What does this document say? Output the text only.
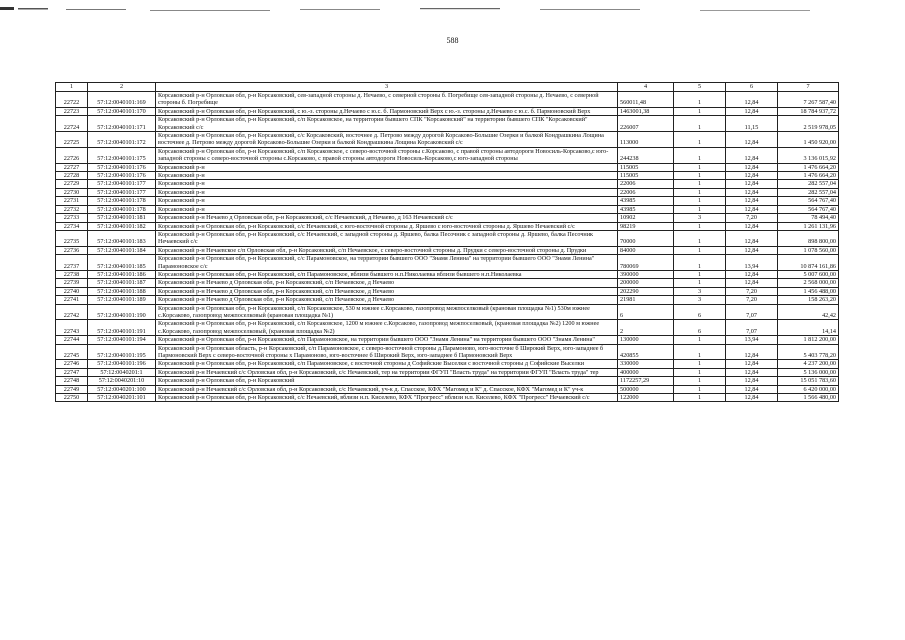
588
1	2	3	4	5	6	7
22722	57:12:0040101:169	Корсаковский р-н Орловская обл, р-н Корсаковский, сев-западной стороны д. Нечаево, с северной стороны б. Погребище сев-западной стороны д. Нечаево, с северной стороны б. Погребище	560011,48	1	12,84	7 267 587,40
22723	57:12:0040101:170	Корсаковский р-н Орловская обл, р-н Корсаковский, с ю.-з. стороны д.Нечаево с ю.с. б. Пармоновский Верх с ю.-з. стороны д.Нечаево с ю.с. б. Пармоновский Верх	1463001,38	1	12,84	18 784 937,72
22724	57:12:0040101:171	Корсаковский р-н Орловская обл, р-н Корсаковский, с/п Корсаковское, на территории бывшего СПК "Корсаковский" на территории бывшего СПК "Корсаковский" Корсаковский с/с	226007	1	11,15	2 519 978,05
22725	57:12:0040101:172	Корсаковский р-н Орловская обл, р-н Корсаковский, с/с Корсаковский, восточнее д. Петрово между дорогой Корсаково-Большие Озерки и балкой Кондрашкина Лощина восточнее д. Петрово между дорогой Корсаково-Большие Озерки и балкой Кондрашкина Лощина Корсаковский с/с	113000	1	12,84	1 450 920,00
22726	57:12:0040101:175	Корсаковский р-н Орловская обл, р-н Корсаковский, с/п Корсаковское, с северо-восточной стороны с.Корсаково, с правой стороны автодороги Новосиль-Корсаково,с юго-западной стороны с северо-восточной стороны с.Корсаково, с правой стороны автодороги Новосиль-Корсаково,с юго-западной стороны	244238	1	12,84	3 136 015,92
22727	57:12:0040101:176	Корсаковский р-н	115005	1	12,84	1 476 664,20
22728	57:12:0040101:176	Корсаковский р-н	115005	1	12,84	1 476 664,20
22729	57:12:0040101:177	Корсаковский р-н	22006	1	12,84	282 557,04
22730	57:12:0040101:177	Корсаковский р-н	22006	1	12,84	282 557,04
22731	57:12:0040101:178	Корсаковский р-н	43985	1	12,84	564 767,40
22732	57:12:0040101:178	Корсаковский р-н	43985	1	12,84	564 767,40
22733	57:12:0040101:181	Корсаковский р-н Нечаево д Орловская обл, р-н Корсаковский, с/с Нечаевский, д Нечаево, д 163 Нечаевский с/с	10902	3	7,20	78 494,40
22734	57:12:0040101:182	Корсаковский р-н Орловская обл, р-н Корсаковский, с/с Нечаевский, с юго-восточной стороны д. Яршево с юго-восточной стороны д. Яршево Нечаевский с/с	98219	1	12,84	1 261 131,96
22735	57:12:0040101:183	Корсаковский р-н Орловская обл, р-н Корсаковский, с/с Нечаевский, с западной стороны д. Яршево, балка Песочник с западной стороны д. Яршево, балка Песочник Нечаевский с/с	70000	1	12,84	898 800,00
22736	57:12:0040101:184	Корсаковский р-н Нечаевское с/п Орловская обл, р-н Корсаковский, с/п Нечаевское, с северо-восточной стороны д. Прудки с северо-восточной стороны д. Прудки	84000	1	12,84	1 078 560,00
22737	57:12:0040101:185	Корсаковский р-н Орловская обл, р-н Корсаковский, с/с Парамоновское, на территории бывшего ООО "Знамя Ленина" на территории бывшего ООО "Знамя Ленина" Парамоновское с/с	780069	1	13,94	10 874 161,86
22738	57:12:0040101:186	Корсаковский р-н Орловская обл, р-н Корсаковский, с/п Парамоновское, вблизи бывшего н.п.Николаевка вблизи бывшего н.п.Николаевка	390000	1	12,84	5 007 600,00
22739	57:12:0040101:187	Корсаковский р-н Нечаево д Орловская обл, р-н Корсаковский, с/п Нечаевское, д Нечаево	200000	1	12,84	2 568 000,00
22740	57:12:0040101:188	Корсаковский р-н Нечаево д Орловская обл, р-н Корсаковский, с/п Нечаевское, д Нечаево	202290	3	7,20	1 456 488,00
22741	57:12:0040101:189	Корсаковский р-н Нечаево д Орловская обл, р-н Корсаковский, с/п Нечаевское, д Нечаево	21981	3	7,20	158 263,20
22742	57:12:0040101:190	Корсаковский р-н Орловская обл, р-н Корсаковский, с/п Корсаковское, 530 м южнее с.Корсаково, газопровод межпоселковый (крановая площадка №1) 530м южнее с.Корсаково, газопровод межпоселковый (крановая площадка №1)	6	6	7,07	42,42
22743	57:12:0040101:191	Корсаковский р-н Орловская обл, р-н Корсаковский, с/п Корсаковское, 1200 м южнее с.Корсаково, газопровод межпоселковый, (крановая площадка №2) 1200 м южнее с.Корсаково, газопровод межпоселковый, (крановая площадка №2)	2	6	7,07	14,14
22744	57:12:0040101:194	Корсаковский р-н Орловская обл, р-н Корсаковский, с/п Парамоновское, на территории бывшего ООО "Знамя Ленина" на территории бывшего ООО "Знамя Ленина"	130000	1	13,94	1 812 200,00
22745	57:12:0040101:195	Корсаковский р-н Орловская область, р-н Корсаковский, с/п Парамоновское, с северо-восточной стороны д.Парамоново, юго-восточне б Широкий Верх, юго-западнее б Пармоновский Верх с северо-восточной стороны х Парамоново, юго-восточнее б Широкий Верх, юго-западнее б Пармоновский Верх	420855	1	12,84	5 403 778,20
22746	57:12:0040101:196	Корсаковский р-н Орловская обл, р-н Корсаковский, с/п Парамоновское, с восточной стороны д Софийские Выселки с восточной стороны д Софийские Выселки	330000	1	12,84	4 237 200,00
22747	57:12:0040201:1	Корсаковский р-н Нечаевский с/с Орловская обл, р-н Корсаковский, с/с Нечаевский, тер на территории ФГУП "Власть труда" на территории ФГУП "Власть труда" тер	400000	1	12,84	5 136 000,00
22748	57:12:0040201:10	Корсаковский р-н Орловская обл, р-н Корсаковский	1172257,29	1	12,84	15 051 783,60
22749	57:12:0040201:100	Корсаковский р-н Нечаевский с/с Орловская обл, р-н Корсаковский, с/с Нечаевский, уч-к д. Спасское, КФХ "Магомед и К" д. Спасское, КФХ "Магомед и К" уч-к	500000	1	12,84	6 420 000,00
22750	57:12:0040201:101	Корсаковский р-н Орловская обл, р-н Корсаковский, с/с Нечаевский, вблизи н.п. Киселево, КФХ "Прогресс" вблизи н.п. Киселево, КФХ "Прогресс" Нечаевский с/с	122000	1	12,84	1 566 480,00
